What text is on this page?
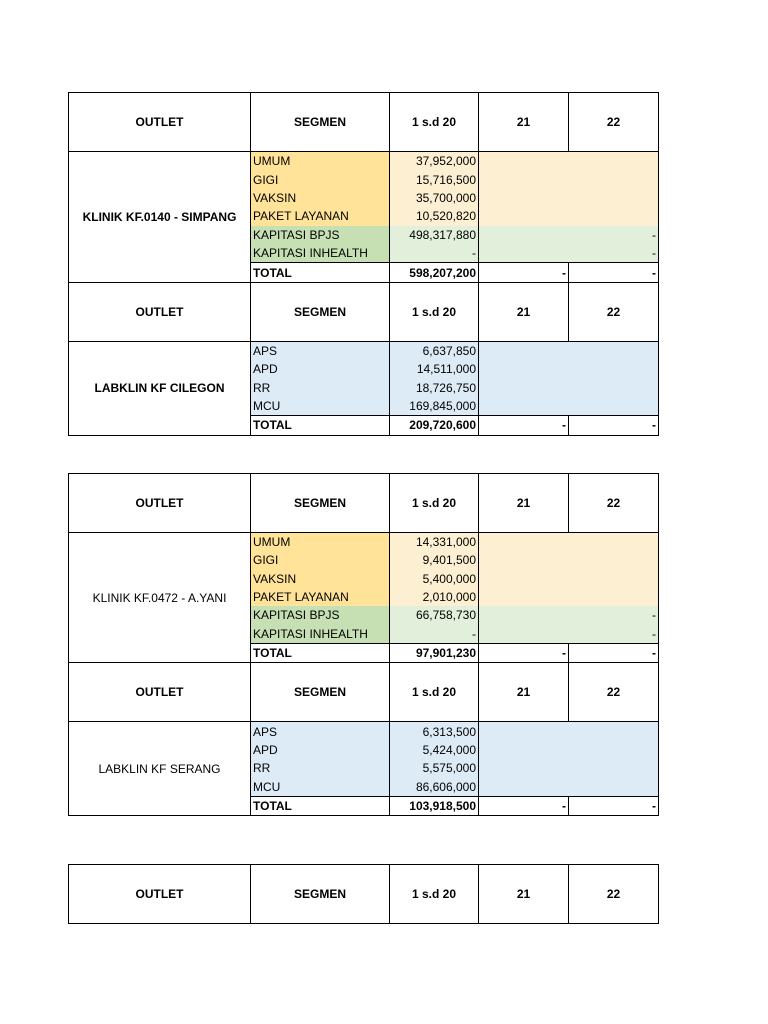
OUTLET	SEGMEN	1 s.d 20	21	22
KLINIK KF.0140 - SIMPANG	UMUM	37,952,000		
	GIGI	15,716,500		
	VAKSIN	35,700,000		
	PAKET LAYANAN	10,520,820		
	KAPITASI BPJS	498,317,880		-
	KAPITASI INHEALTH	-		-
	TOTAL	598,207,200	-	-
OUTLET	SEGMEN	1 s.d 20	21	22
LABKLIN KF CILEGON	APS	6,637,850		
	APD	14,511,000		
	RR	18,726,750		
	MCU	169,845,000		
	TOTAL	209,720,600	-	-
OUTLET	SEGMEN	1 s.d 20	21	22
KLINIK KF.0472 - A.YANI	UMUM	14,331,000		
	GIGI	9,401,500		
	VAKSIN	5,400,000		
	PAKET LAYANAN	2,010,000		
	KAPITASI BPJS	66,758,730		-
	KAPITASI INHEALTH	-		-
	TOTAL	97,901,230	-	-
OUTLET	SEGMEN	1 s.d 20	21	22
LABKLIN KF SERANG	APS	6,313,500		
	APD	5,424,000		
	RR	5,575,000		
	MCU	86,606,000		
	TOTAL	103,918,500	-	-
OUTLET	SEGMEN	1 s.d 20	21	22
